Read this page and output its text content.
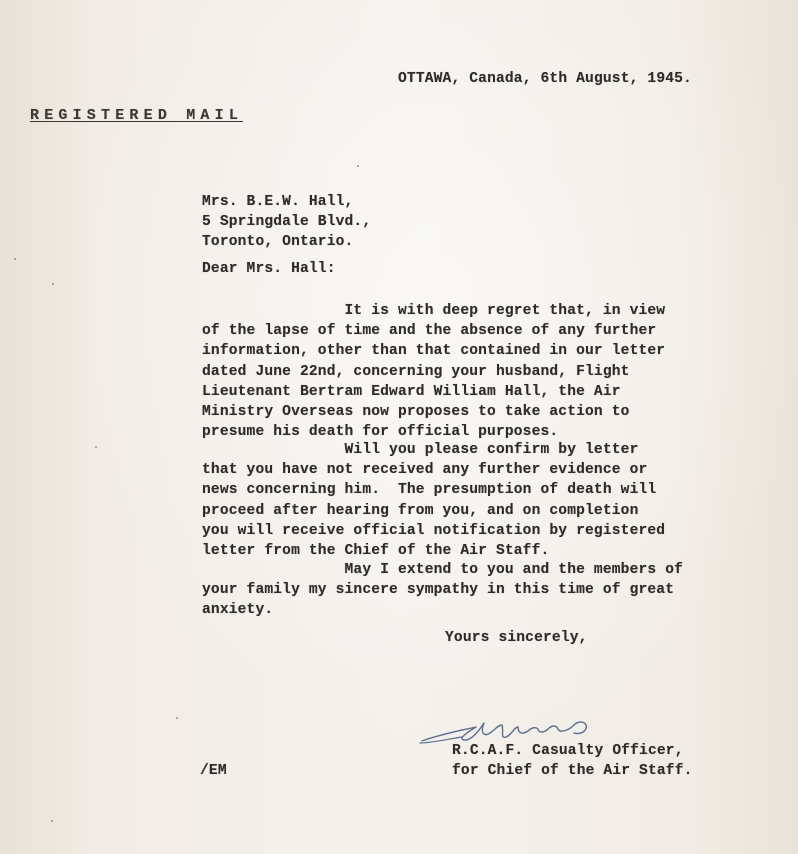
OTTAWA, Canada, 6th August, 1945.
REGISTERED MAIL
Mrs. B.E.W. Hall,
5 Springdale Blvd.,
Toronto, Ontario.
Dear Mrs. Hall:
It is with deep regret that, in view
of the lapse of time and the absence of any further
information, other than that contained in our letter
dated June 22nd, concerning your husband, Flight
Lieutenant Bertram Edward William Hall, the Air
Ministry Overseas now proposes to take action to
presume his death for official purposes.
Will you please confirm by letter
that you have not received any further evidence or
news concerning him.  The presumption of death will
proceed after hearing from you, and on completion
you will receive official notification by registered
letter from the Chief of the Air Staff.
May I extend to you and the members of
your family my sincere sympathy in this time of great
anxiety.
Yours sincerely,
R.C.A.F. Casualty Officer,
for Chief of the Air Staff.
/EM
